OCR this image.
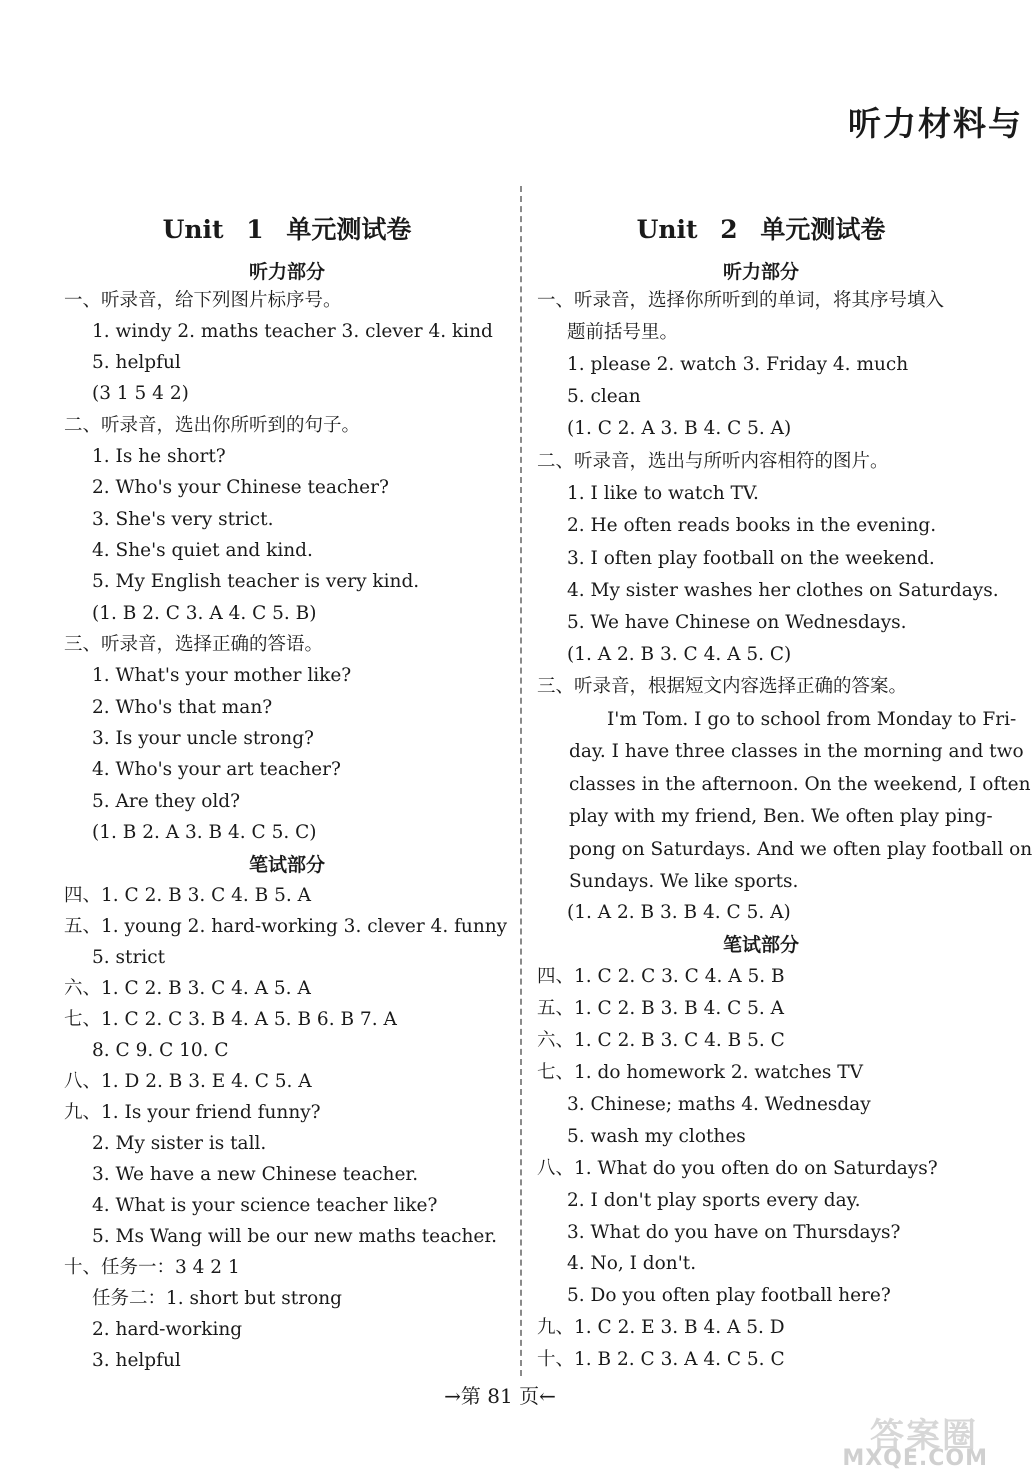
听力材料与
Unit 1 单元测试卷
听力部分
一、听录音，给下列图片标序号。
1. windy 2. maths teacher 3. clever 4. kind
5. helpful
(3 1 5 4 2)
二、听录音，选出你所听到的句子。
1. Is he short?
2. Who's your Chinese teacher?
3. She's very strict.
4. She's quiet and kind.
5. My English teacher is very kind.
(1. B 2. C 3. A 4. C 5. B)
三、听录音，选择正确的答语。
1. What's your mother like?
2. Who's that man?
3. Is your uncle strong?
4. Who's your art teacher?
5. Are they old?
(1. B 2. A 3. B 4. C 5. C)
笔试部分
四、1. C 2. B 3. C 4. B 5. A
五、1. young 2. hard-working 3. clever 4. funny
5. strict
六、1. C 2. B 3. C 4. A 5. A
七、1. C 2. C 3. B 4. A 5. B 6. B 7. A
8. C 9. C 10. C
八、1. D 2. B 3. E 4. C 5. A
九、1. Is your friend funny?
2. My sister is tall.
3. We have a new Chinese teacher.
4. What is your science teacher like?
5. Ms Wang will be our new maths teacher.
十、任务一：3 4 2 1
任务二：1. short but strong
2. hard-working
3. helpful
Unit 2 单元测试卷
听力部分
一、听录音，选择你所听到的单词，将其序号填入
题前括号里。
1. please 2. watch 3. Friday 4. much
5. clean
(1. C 2. A 3. B 4. C 5. A)
二、听录音，选出与所听内容相符的图片。
1. I like to watch TV.
2. He often reads books in the evening.
3. I often play football on the weekend.
4. My sister washes her clothes on Saturdays.
5. We have Chinese on Wednesdays.
(1. A 2. B 3. C 4. A 5. C)
三、听录音，根据短文内容选择正确的答案。
I'm Tom. I go to school from Monday to Fri-
day. I have three classes in the morning and two
classes in the afternoon. On the weekend, I often
play with my friend, Ben. We often play ping-
pong on Saturdays. And we often play football on
Sundays. We like sports.
(1. A 2. B 3. B 4. C 5. A)
笔试部分
四、1. C 2. C 3. C 4. A 5. B
五、1. C 2. B 3. B 4. C 5. A
六、1. C 2. B 3. C 4. B 5. C
七、1. do homework 2. watches TV
3. Chinese; maths 4. Wednesday
5. wash my clothes
八、1. What do you often do on Saturdays?
2. I don't play sports every day.
3. What do you have on Thursdays?
4. No, I don't.
5. Do you often play football here?
九、1. C 2. E 3. B 4. A 5. D
十、1. B 2. C 3. A 4. C 5. C
→第 81 页←
答案圈
MXQE.COM
